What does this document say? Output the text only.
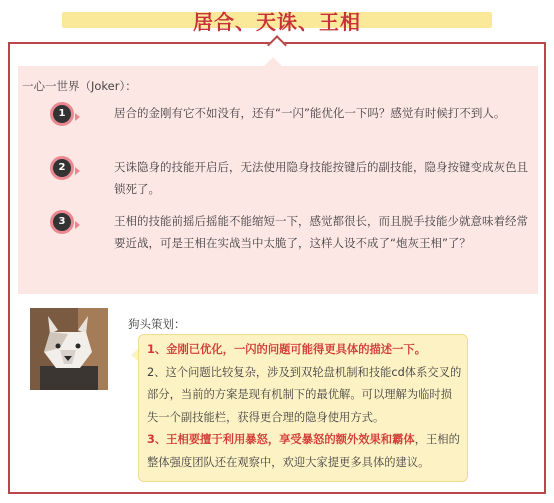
居合、天诛、王相
一心一世界（Joker）：
1	居合的金刚有它不如没有，还有“一闪”能优化一下吗？感觉有时候打不到人。
2	天诛隐身的技能开启后，无法使用隐身技能按键后的副技能，隐身按键变成灰色且锁死了。
3	王相的技能前摇后摇能不能缩短一下，感觉都很长，而且脱手技能少就意味着经常要近战，可是王相在实战当中太脆了，这样人设不成了“炮灰王相”了？
狗头策划：
1、金刚已优化，一闪的问题可能得更具体的描述一下。
2、这个问题比较复杂，涉及到双轮盘机制和技能cd体系交叉的部分，当前的方案是现有机制下的最优解。可以理解为临时损失一个副技能栏，获得更合理的隐身使用方式。
3、王相要擅于利用暴怒，享受暴怒的额外效果和霸体，王相的整体强度团队还在观察中，欢迎大家提更多具体的建议。
